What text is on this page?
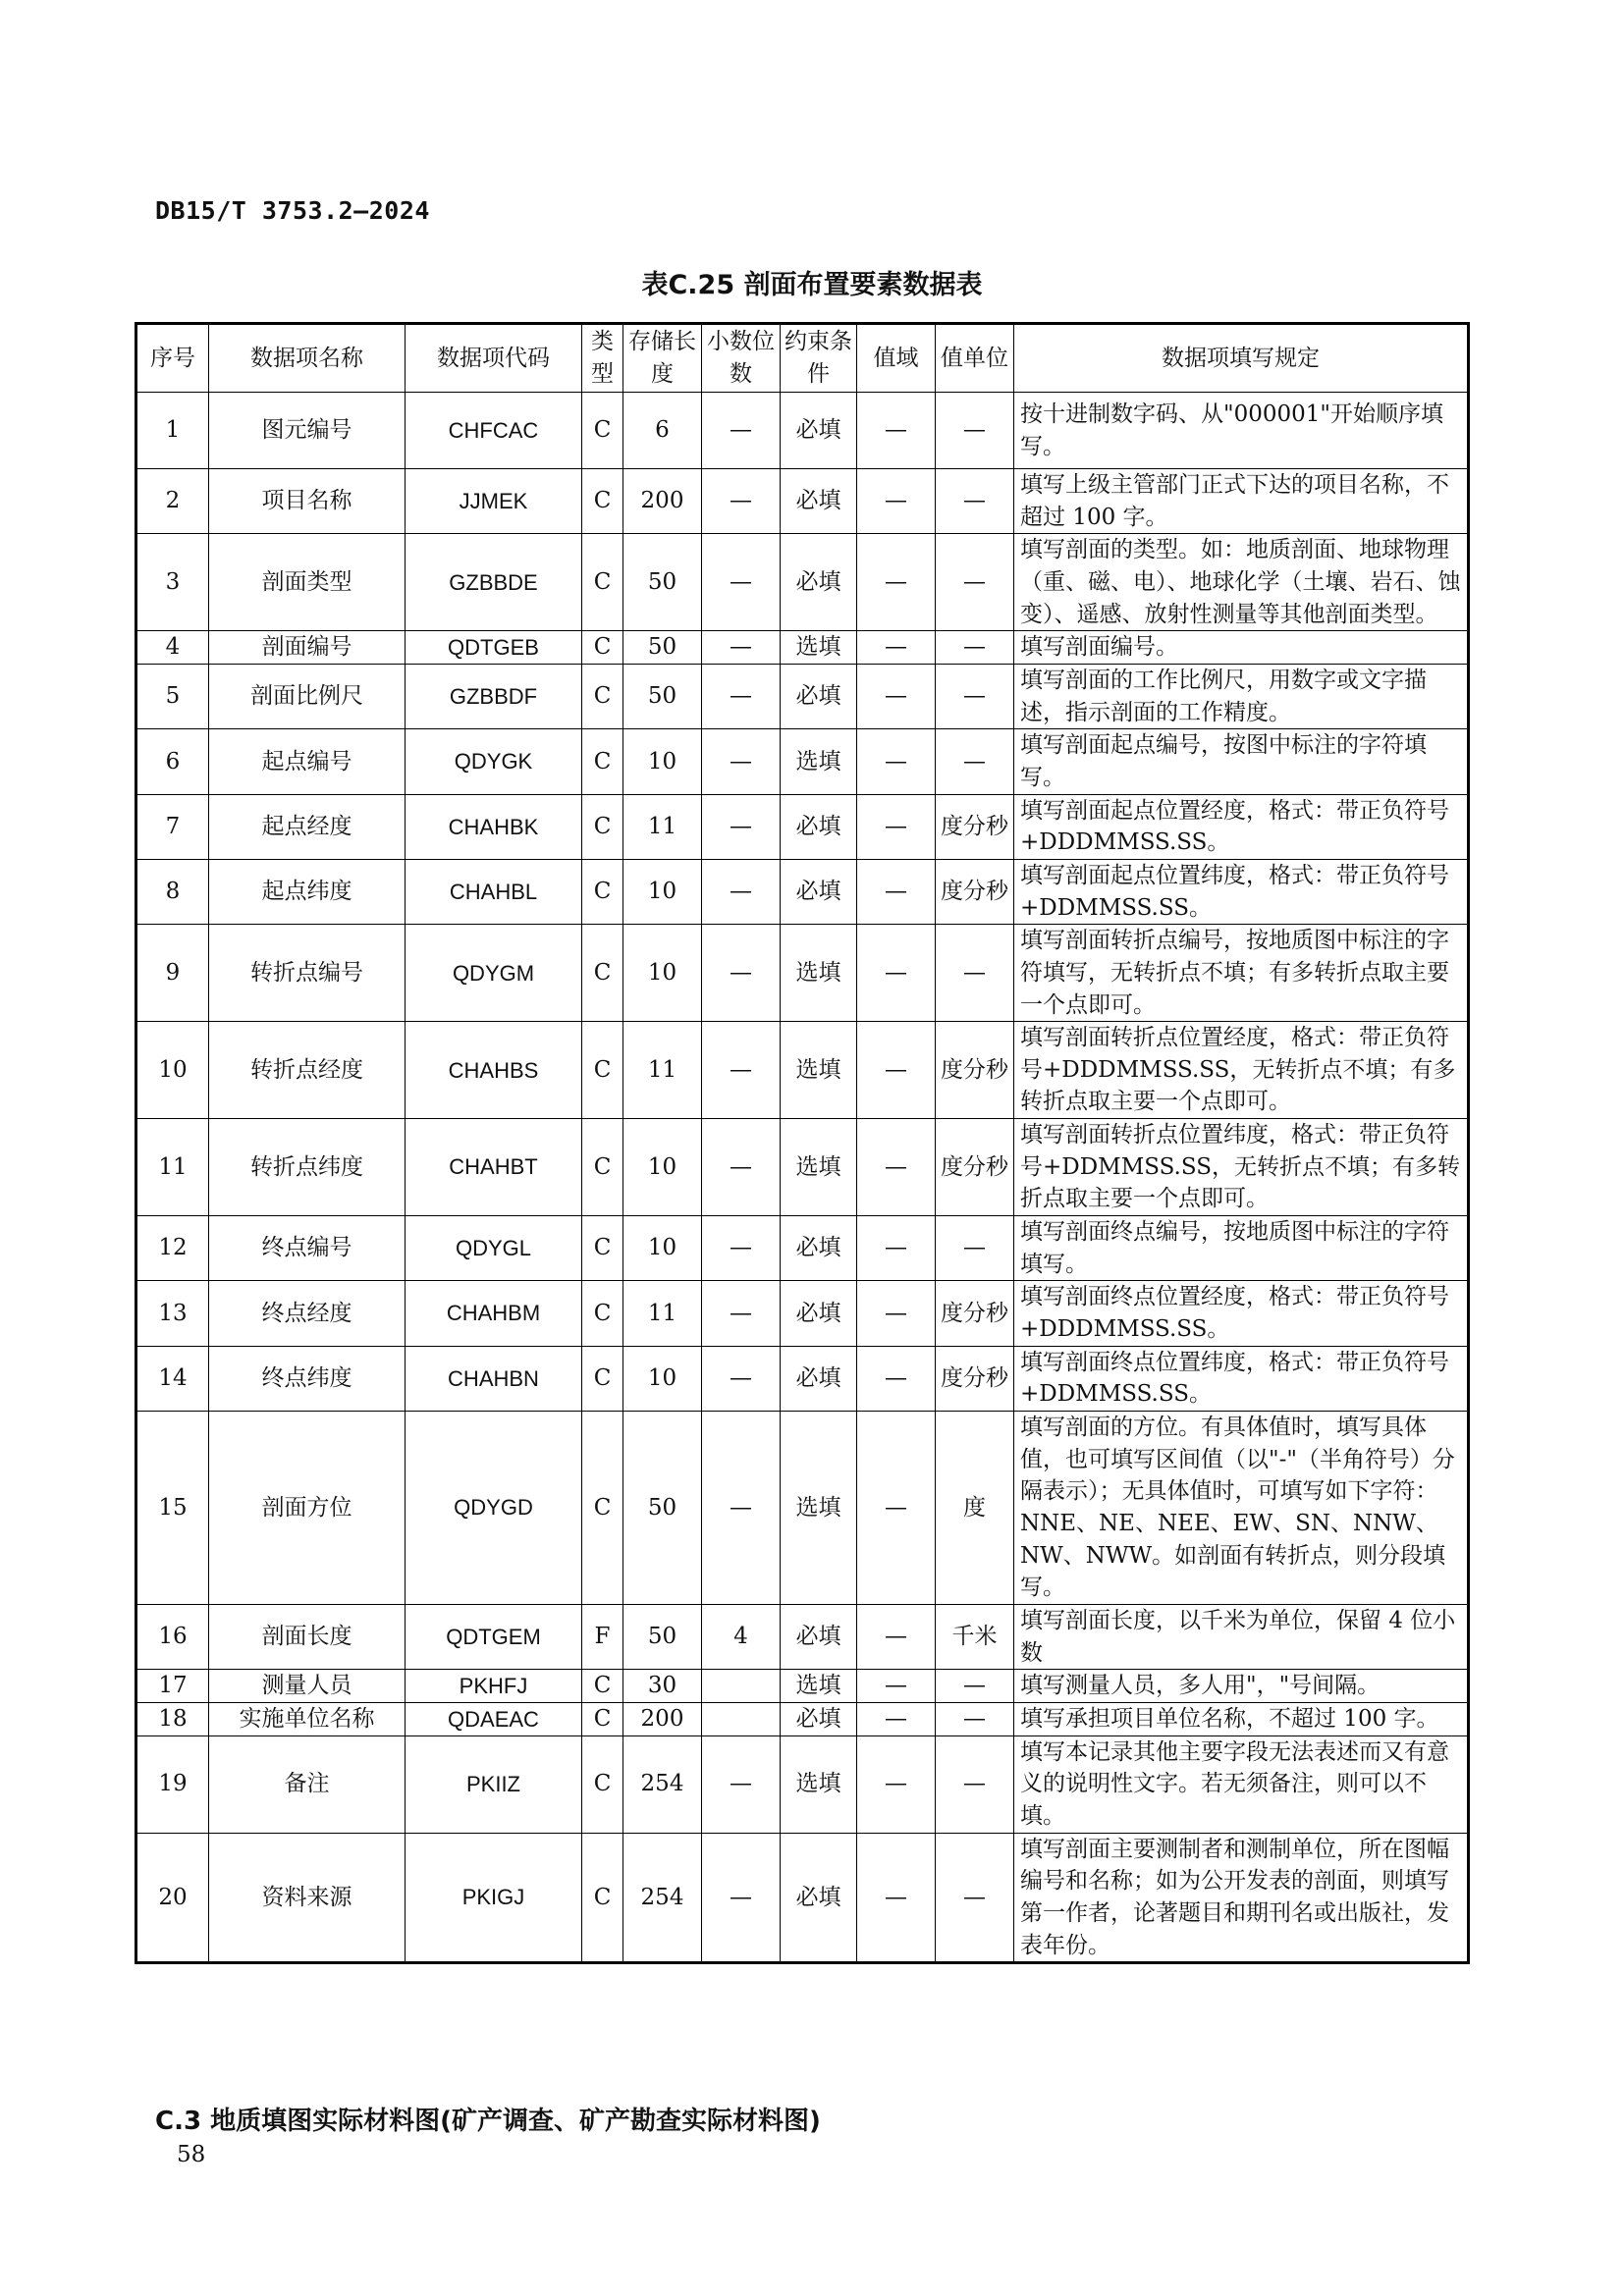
DB15/T 3753.2—2024
表C.25 剖面布置要素数据表
序号	数据项名称	数据项代码	类型	存储长度	小数位数	约束条件	值域	值单位	数据项填写规定
1	图元编号	CHFCAC	C	6	—	必填	—	—	按十进制数字码、从"000001"开始顺序填写。
2	项目名称	JJMEK	C	200	—	必填	—	—	填写上级主管部门正式下达的项目名称，不超过 100 字。
3	剖面类型	GZBBDE	C	50	—	必填	—	—	填写剖面的类型。如：地质剖面、地球物理（重、磁、电）、地球化学（土壤、岩石、蚀变）、遥感、放射性测量等其他剖面类型。
4	剖面编号	QDTGEB	C	50	—	选填	—	—	填写剖面编号。
5	剖面比例尺	GZBBDF	C	50	—	必填	—	—	填写剖面的工作比例尺，用数字或文字描述，指示剖面的工作精度。
6	起点编号	QDYGK	C	10	—	选填	—	—	填写剖面起点编号，按图中标注的字符填写。
7	起点经度	CHAHBK	C	11	—	必填	—	度分秒	填写剖面起点位置经度，格式：带正负符号+DDDMMSS.SS。
8	起点纬度	CHAHBL	C	10	—	必填	—	度分秒	填写剖面起点位置纬度，格式：带正负符号+DDMMSS.SS。
9	转折点编号	QDYGM	C	10	—	选填	—	—	填写剖面转折点编号，按地质图中标注的字符填写，无转折点不填；有多转折点取主要一个点即可。
10	转折点经度	CHAHBS	C	11	—	选填	—	度分秒	填写剖面转折点位置经度，格式：带正负符号+DDDMMSS.SS，无转折点不填；有多转折点取主要一个点即可。
11	转折点纬度	CHAHBT	C	10	—	选填	—	度分秒	填写剖面转折点位置纬度，格式：带正负符号+DDMMSS.SS，无转折点不填；有多转折点取主要一个点即可。
12	终点编号	QDYGL	C	10	—	必填	—	—	填写剖面终点编号，按地质图中标注的字符填写。
13	终点经度	CHAHBM	C	11	—	必填	—	度分秒	填写剖面终点位置经度，格式：带正负符号+DDDMMSS.SS。
14	终点纬度	CHAHBN	C	10	—	必填	—	度分秒	填写剖面终点位置纬度，格式：带正负符号+DDMMSS.SS。
15	剖面方位	QDYGD	C	50	—	选填	—	度	填写剖面的方位。有具体值时，填写具体值，也可填写区间值（以"-"（半角符号）分隔表示）；无具体值时，可填写如下字符：NNE、NE、NEE、EW、SN、NNW、NW、NWW。如剖面有转折点，则分段填写。
16	剖面长度	QDTGEM	F	50	4	必填	—	千米	填写剖面长度，以千米为单位，保留 4 位小数
17	测量人员	PKHFJ	C	30		选填	—	—	填写测量人员，多人用"，"号间隔。
18	实施单位名称	QDAEAC	C	200		必填	—	—	填写承担项目单位名称，不超过 100 字。
19	备注	PKIIZ	C	254	—	选填	—	—	填写本记录其他主要字段无法表述而又有意义的说明性文字。若无须备注，则可以不填。
20	资料来源	PKIGJ	C	254	—	必填	—	—	填写剖面主要测制者和测制单位，所在图幅编号和名称；如为公开发表的剖面，则填写第一作者，论著题目和期刊名或出版社，发表年份。
C.3 地质填图实际材料图(矿产调查、矿产勘查实际材料图)
58
